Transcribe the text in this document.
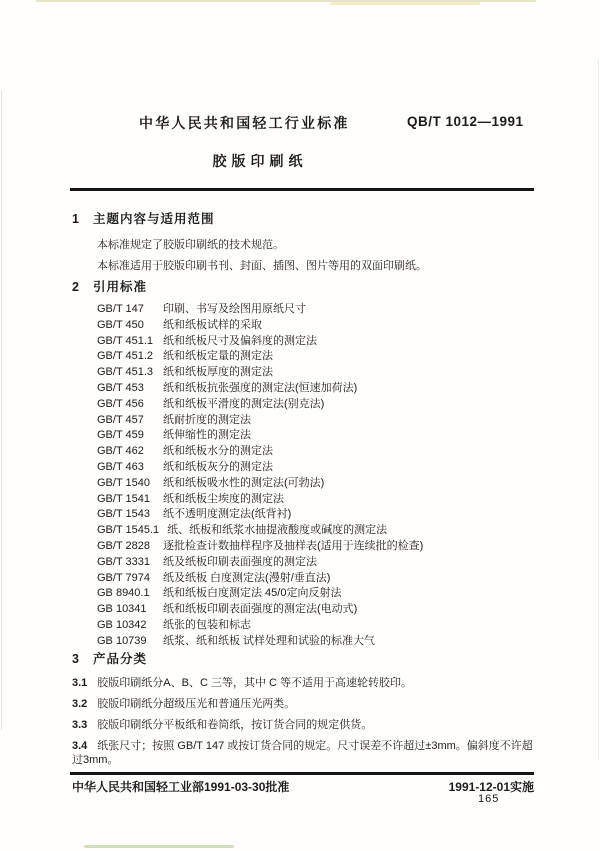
中华人民共和国轻工行业标准	QB/T 1012—1991
胶版印刷纸
1 主题内容与适用范围

本标准规定了胶版印刷纸的技术规范。

本标准适用于胶版印刷书刊、封面、插图、图片等用的双面印刷纸。

2 引用标准
GB/T 147 印刷、书写及绘图用原纸尺寸
GB/T 450 纸和纸板试样的采取
GB/T 451.1 纸和纸板尺寸及偏斜度的测定法
GB/T 451.2 纸和纸板定量的测定法
GB/T 451.3 纸和纸板厚度的测定法
GB/T 453 纸和纸板抗张强度的测定法(恒速加荷法)
GB/T 456 纸和纸板平滑度的测定法(别克法)
GB/T 457 纸耐折度的测定法
GB/T 459 纸伸缩性的测定法
GB/T 462 纸和纸板水分的测定法
GB/T 463 纸和纸板灰分的测定法
GB/T 1540 纸和纸板吸水性的测定法(可勃法)
GB/T 1541 纸和纸板尘埃度的测定法
GB/T 1543 纸不透明度测定法(纸背衬)
GB/T 1545.1 纸、纸板和纸浆水抽提液酸度或碱度的测定法
GB/T 2828 逐批检查计数抽样程序及抽样表(适用于连续批的检查)
GB/T 3331 纸及纸板印刷表面强度的测定法
GB/T 7974 纸及纸板 白度测定法(漫射/垂直法)
GB 8940.1 纸和纸板白度测定法 45/0定向反射法
GB 10341 纸和纸板印刷表面强度的测定法(电动式)
GB 10342 纸张的包装和标志
GB 10739 纸浆、纸和纸板 试样处理和试验的标准大气
3 产品分类
3.1 胶版印刷纸分A、B、C 三等，其中 C 等不适用于高速轮转胶印。
3.2 胶版印刷纸分超级压光和普通压光两类。
3.3 胶版印刷纸分平板纸和卷筒纸，按订货合同的规定供货。
3.4 纸张尺寸；按照 GB/T 147 或按订货合同的规定。尺寸误差不许超过±3mm。偏斜度不许超过3mm。
中华人民共和国轻工业部1991-03-30批准	1991-12-01实施
165
